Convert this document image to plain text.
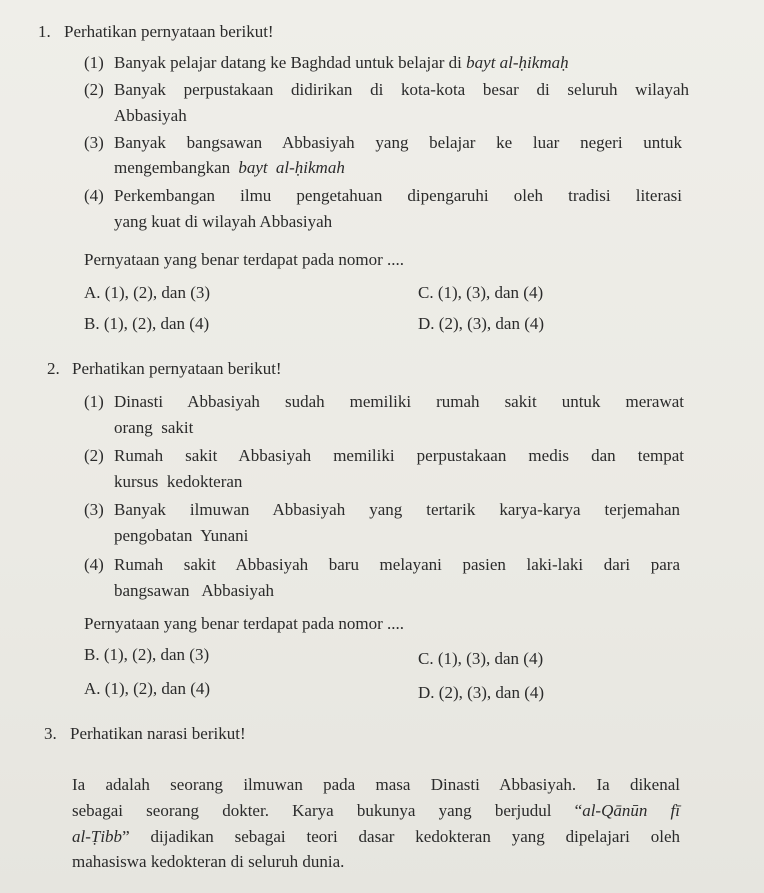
1. Perhatikan pernyataan berikut!
(1) Banyak pelajar datang ke Baghdad untuk belajar di bayt al-ḥikmaḥ
(2) Banyak perpustakaan didirikan di kota-kota besar di seluruh wilayah
Abbasiyah
(3) Banyak bangsawan Abbasiyah yang belajar ke luar negeri untuk
mengembangkan bayt al-ḥikmah
(4) Perkembangan ilmu pengetahuan dipengaruhi oleh tradisi literasi
yang kuat di wilayah Abbasiyah
Pernyataan yang benar terdapat pada nomor ....
A. (1), (2), dan (3)	C. (1), (3), dan (4)
B. (1), (2), dan (4)	D. (2), (3), dan (4)
2. Perhatikan pernyataan berikut!
(1) Dinasti Abbasiyah sudah memiliki rumah sakit untuk merawat
orang  sakit
(2) Rumah sakit Abbasiyah memiliki perpustakaan medis dan tempat
kursus  kedokteran
(3) Banyak ilmuwan Abbasiyah yang tertarik karya-karya terjemahan
pengobatan  Yunani
(4) Rumah sakit Abbasiyah baru melayani pasien laki-laki dari para
bangsawan   Abbasiyah
Pernyataan yang benar terdapat pada nomor ....
B. (1), (2), dan (3)	C. (1), (3), dan (4)
A. (1), (2), dan (4)	D. (2), (3), dan (4)
3. Perhatikan narasi berikut!
Ia adalah seorang ilmuwan pada masa Dinasti Abbasiyah. Ia dikenal
sebagai seorang dokter. Karya bukunya yang berjudul “al-Qānūn fī
al-Ṭibb” dijadikan sebagai teori dasar kedokteran yang dipelajari oleh
mahasiswa kedokteran di seluruh dunia.
